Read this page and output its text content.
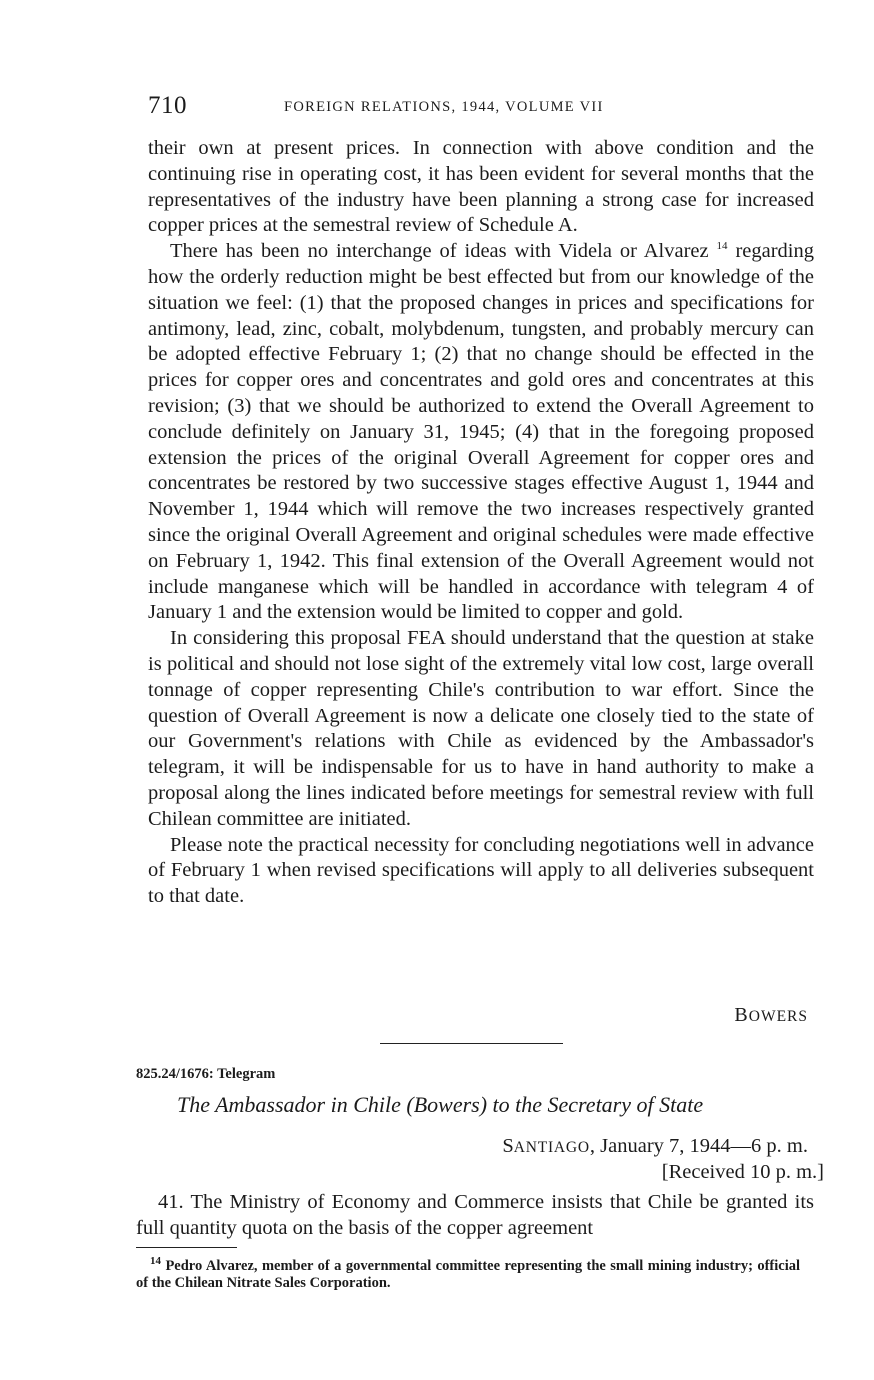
710	FOREIGN RELATIONS, 1944, VOLUME VII

their own at present prices. In connection with above condition and the continuing rise in operating cost, it has been evident for several months that the representatives of the industry have been planning a strong case for increased copper prices at the semestral review of Schedule A.

There has been no interchange of ideas with Videla or Alvarez $^{14}$ regarding how the orderly reduction might be best effected but from our knowledge of the situation we feel: (1) that the proposed changes in prices and specifications for antimony, lead, zinc, cobalt, molybdenum, tungsten, and probably mercury can be adopted effective February 1; (2) that no change should be effected in the prices for copper ores and concentrates and gold ores and concentrates at this revision; (3) that we should be authorized to extend the Overall Agreement to conclude definitely on January 31, 1945; (4) that in the foregoing proposed extension the prices of the original Overall Agreement for copper ores and concentrates be restored by two successive stages effective August 1, 1944 and November 1, 1944 which will remove the two increases respectively granted since the original Overall Agreement and original schedules were made effective on February 1, 1942. This final extension of the Overall Agreement would not include manganese which will be handled in accordance with telegram 4 of January 1 and the extension would be limited to copper and gold.

In considering this proposal FEA should understand that the question at stake is political and should not lose sight of the extremely vital low cost, large overall tonnage of copper representing Chile's contribution to war effort. Since the question of Overall Agreement is now a delicate one closely tied to the state of our Government's relations with Chile as evidenced by the Ambassador's telegram, it will be indispensable for us to have in hand authority to make a proposal along the lines indicated before meetings for semestral review with full Chilean committee are initiated.

Please note the practical necessity for concluding negotiations well in advance of February 1 when revised specifications will apply to all deliveries subsequent to that date.

BOWERS
825.24/1676: Telegram
The Ambassador in Chile (Bowers) to the Secretary of State
SANTIAGO, January 7, 1944—6 p. m.
[Received 10 p. m.]

41. The Ministry of Economy and Commerce insists that Chile be granted its full quantity quota on the basis of the copper agreement

$^{14}$ Pedro Alvarez, member of a governmental committee representing the small mining industry; official of the Chilean Nitrate Sales Corporation.
